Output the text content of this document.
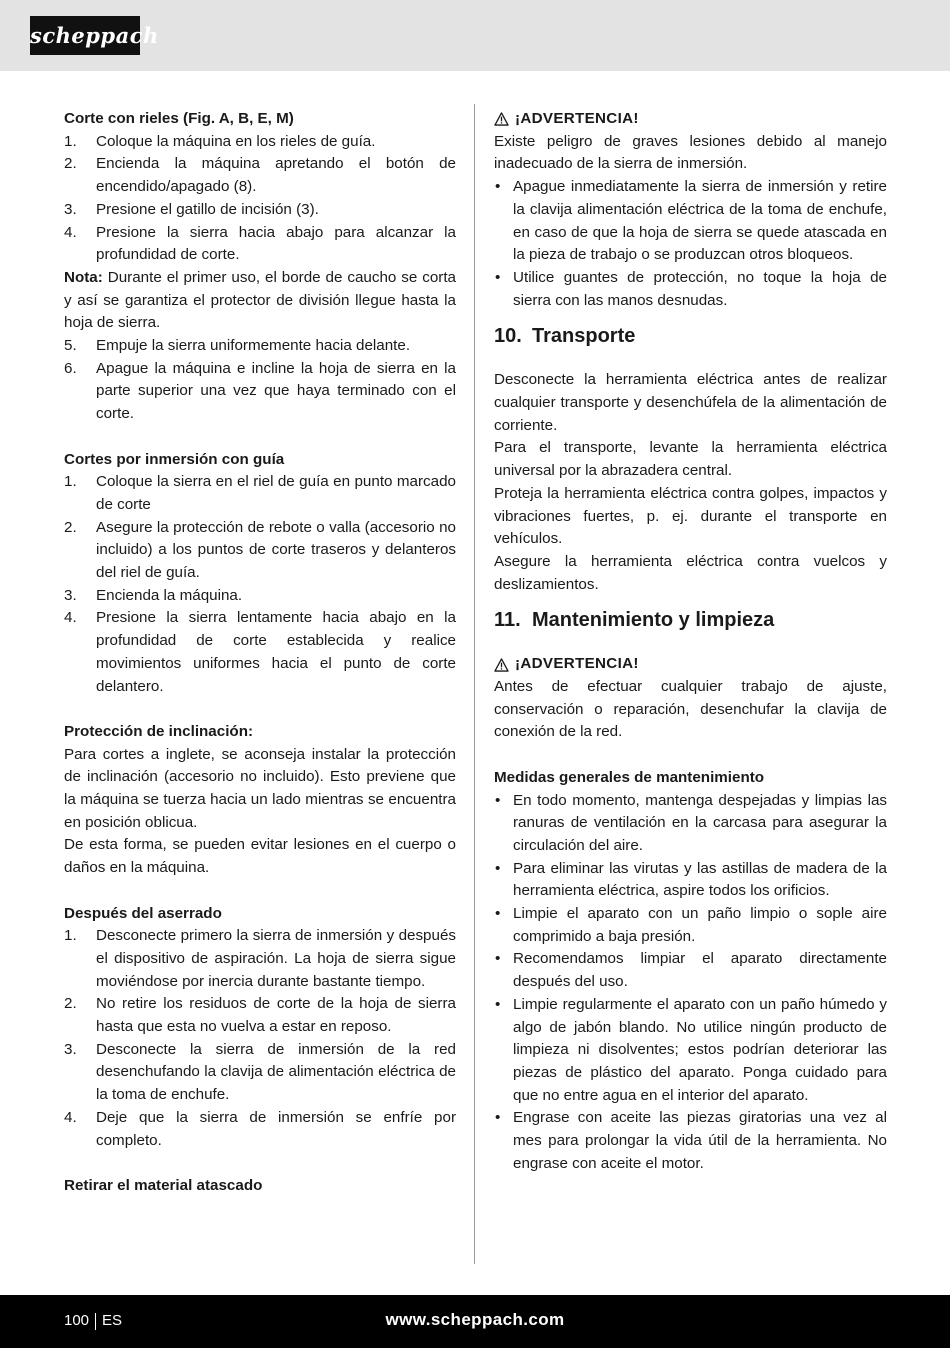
scheppach
Corte con rieles (Fig. A, B, E, M)
1.	Coloque la máquina en los rieles de guía.
2.	Encienda la máquina apretando el botón de encendido/apagado (8).
3.	Presione el gatillo de incisión (3).
4.	Presione la sierra hacia abajo para alcanzar la profundidad de corte.
Nota: Durante el primer uso, el borde de caucho se corta y así se garantiza el protector de división llegue hasta la hoja de sierra.
5.	Empuje la sierra uniformemente hacia delante.
6.	Apague la máquina e incline la hoja de sierra en la parte superior una vez que haya terminado con el corte.
Cortes por inmersión con guía
1.	Coloque la sierra en el riel de guía en punto marcado de corte
2.	Asegure la protección de rebote o valla (accesorio no incluido) a los puntos de corte traseros y delanteros del riel de guía.
3.	Encienda la máquina.
4.	Presione la sierra lentamente hacia abajo en la profundidad de corte establecida y realice movimientos uniformes hacia el punto de corte delantero.
Protección de inclinación:
Para cortes a inglete, se aconseja instalar la protección de inclinación (accesorio no incluido). Esto previene que la máquina se tuerza hacia un lado mientras se encuentra en posición oblicua.
De esta forma, se pueden evitar lesiones en el cuerpo o daños en la máquina.
Después del aserrado
1.	Desconecte primero la sierra de inmersión y después el dispositivo de aspiración. La hoja de sierra sigue moviéndose por inercia durante bastante tiempo.
2.	No retire los residuos de corte de la hoja de sierra hasta que esta no vuelva a estar en reposo.
3.	Desconecte la sierra de inmersión de la red desenchufando la clavija de alimentación eléctrica de la toma de enchufe.
4.	Deje que la sierra de inmersión se enfríe por completo.
Retirar el material atascado
¡ADVERTENCIA!
Existe peligro de graves lesiones debido al manejo inadecuado de la sierra de inmersión.
• Apague inmediatamente la sierra de inmersión y retire la clavija alimentación eléctrica de la toma de enchufe, en caso de que la hoja de sierra se quede atascada en la pieza de trabajo o se produzcan otros bloqueos.
• Utilice guantes de protección, no toque la hoja de sierra con las manos desnudas.
10. Transporte
Desconecte la herramienta eléctrica antes de realizar cualquier transporte y desenchúfela de la alimentación de corriente.
Para el transporte, levante la herramienta eléctrica universal por la abrazadera central.
Proteja la herramienta eléctrica contra golpes, impactos y vibraciones fuertes, p. ej. durante el transporte en vehículos.
Asegure la herramienta eléctrica contra vuelcos y deslizamientos.
11. Mantenimiento y limpieza
¡ADVERTENCIA!
Antes de efectuar cualquier trabajo de ajuste, conservación o reparación, desenchufar la clavija de conexión de la red.
Medidas generales de mantenimiento
• En todo momento, mantenga despejadas y limpias las ranuras de ventilación en la carcasa para asegurar la circulación del aire.
• Para eliminar las virutas y las astillas de madera de la herramienta eléctrica, aspire todos los orificios.
• Limpie el aparato con un paño limpio o sople aire comprimido a baja presión.
• Recomendamos limpiar el aparato directamente después del uso.
• Limpie regularmente el aparato con un paño húmedo y algo de jabón blando. No utilice ningún producto de limpieza ni disolventes; estos podrían deteriorar las piezas de plástico del aparato. Ponga cuidado para que no entre agua en el interior del aparato.
• Engrase con aceite las piezas giratorias una vez al mes para prolongar la vida útil de la herramienta. No engrase con aceite el motor.
100 ES	www.scheppach.com
